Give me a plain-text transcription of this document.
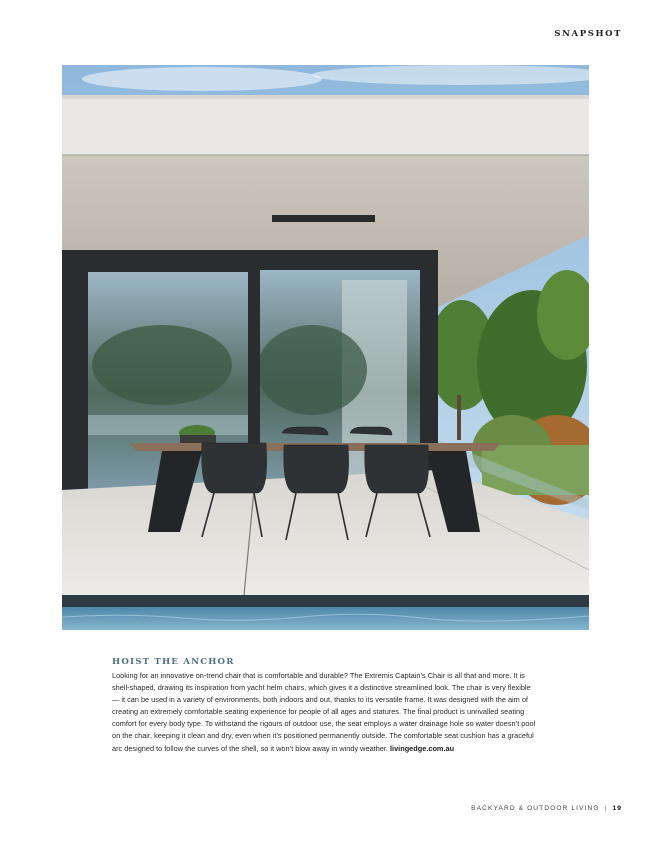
SNAPSHOT
HOIST THE ANCHOR

Looking for an innovative on-trend chair that is comfortable and durable? The Extremis Captain’s Chair is all that and more. It is shell-shaped, drawing its inspiration from yacht helm chairs, which gives it a distinctive streamlined look. The chair is very flexible — it can be used in a variety of environments, both indoors and out, thanks to its versatile frame. It was designed with the aim of creating an extremely comfortable seating experience for people of all ages and statures. The final product is unrivalled seating comfort for every body type. To withstand the rigours of outdoor use, the seat employs a water drainage hole so water doesn’t pool on the chair, keeping it clean and dry, even when it’s positioned permanently outside. The comfortable seat cushion has a graceful arc designed to follow the curves of the shell, so it won’t blow away in windy weather. livingedge.com.au

BACKYARD & OUTDOOR LIVING | 19
